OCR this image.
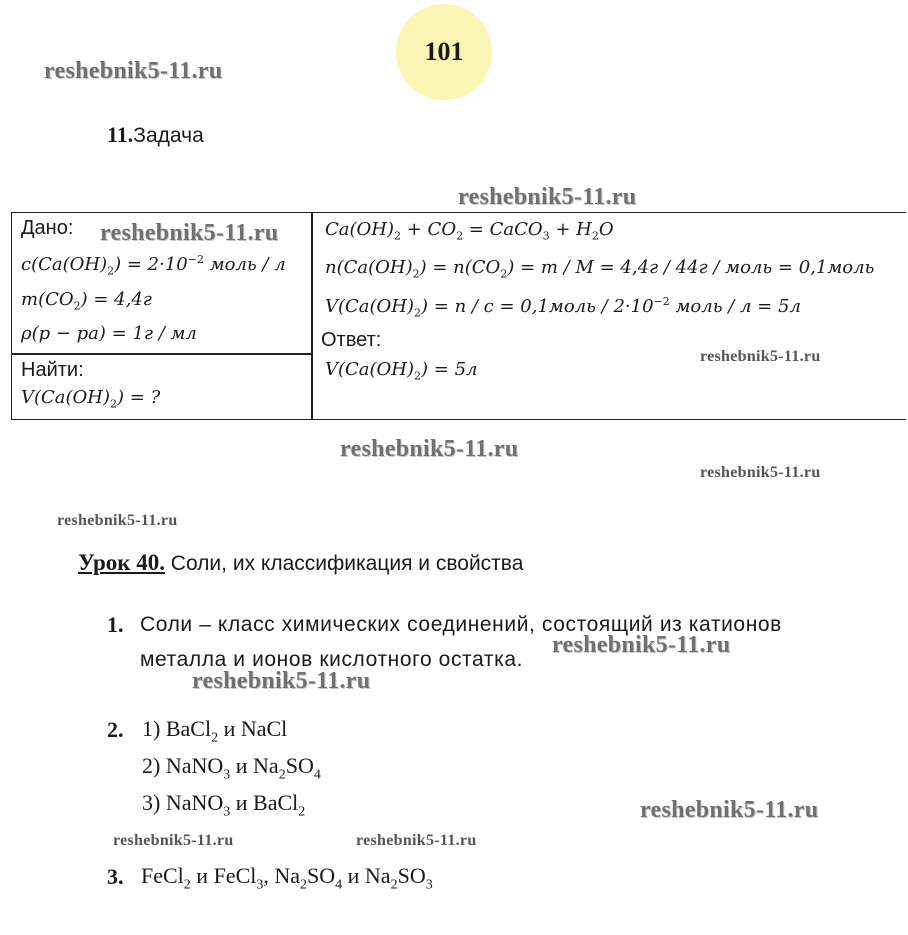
101
reshebnik5-11.ru
reshebnik5-11.ru
reshebnik5-11.ru
reshebnik5-11.ru
reshebnik5-11.ru
reshebnik5-11.ru
reshebnik5-11.ru
reshebnik5-11.ru
reshebnik5-11.ru
reshebnik5-11.ru
reshebnik5-11.ru	reshebnik5-11.ru
11.Задача
Дано:
$c(Ca(OH)_2) = 2\cdot 10^{-2}$ моль / л
$m(CO_2) = 4,4г$
ρ(р − ра) = 1г / мл
Найти:
$V(Ca(OH)_2)$ = ?
$Ca(OH)_2 + CO_2$ = CaCO$_3$ + $H_2O$
$n(Ca(OH)_2) = n(CO_2) = m / M = 4,4г / 44г$ / моль = 0,1моль
$V(Ca(OH)_2) = n / c$ = 0,1моль / $2\cdot 10^{-2}$ моль / л = 5л
Ответ:
$V(Ca(OH)_2) = 5л$
Урок 40. Соли, их классификация и свойства
1. Соли – класс химических соединений, состоящий из катионов
металла и ионов кислотного остатка.
2. 1) BaCl$_2$ и NaCl
2) NaNO$_3$ и $Na_2SO_4$
3) NaNO$_3$ и BaCl$_2$
3. FeCl$_2$ и FeCl$_3$, $Na_2SO_4$ и $Na_2SO_3$
